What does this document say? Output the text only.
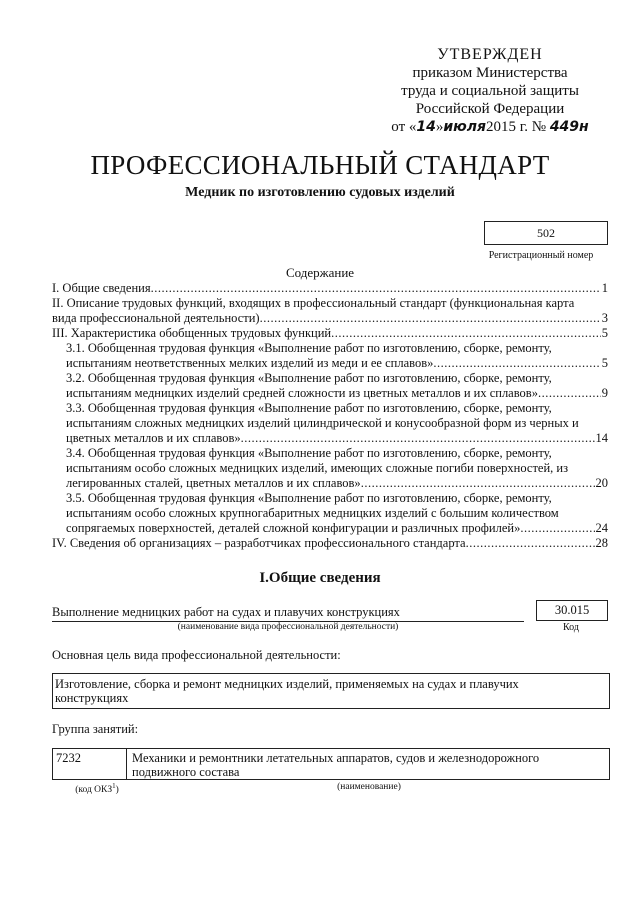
УТВЕРЖДЕН
приказом Министерства
труда и социальной защиты
Российской Федерации
от «14»июля2015 г. № 449н
ПРОФЕССИОНАЛЬНЫЙ СТАНДАРТ
Медник по изготовлению судовых изделий
502
Регистрационный номер
Содержание
I. Общие сведения .....	1
II. Описание трудовых функций, входящих в профессиональный стандарт (функциональная карта
вида профессиональной деятельности) .....	3
III. Характеристика обобщенных трудовых функций .....	5
3.1. Обобщенная трудовая функция «Выполнение работ по изготовлению, сборке, ремонту,
испытаниям неответственных мелких изделий из меди и ее сплавов» .....	5
3.2. Обобщенная трудовая функция «Выполнение работ по изготовлению, сборке, ремонту,
испытаниям медницких изделий средней сложности из цветных металлов и их сплавов» .....	9
3.3. Обобщенная трудовая функция «Выполнение работ по изготовлению, сборке, ремонту,
испытаниям сложных медницких изделий цилиндрической и конусообразной форм из черных и
цветных металлов и их сплавов» .....	14
3.4. Обобщенная трудовая функция «Выполнение работ по изготовлению, сборке, ремонту,
испытаниям особо сложных медницких изделий, имеющих сложные погиби поверхностей, из
легированных сталей, цветных металлов и их сплавов» .....	20
3.5. Обобщенная трудовая функция «Выполнение работ по изготовлению, сборке, ремонту,
испытаниям особо сложных крупногабаритных медницких изделий с большим количеством
сопрягаемых поверхностей, деталей сложной конфигурации и различных профилей» .....	24
IV. Сведения об организациях – разработчиках профессионального стандарта .....	28
I.Общие сведения
Выполнение медницких работ на судах и плавучих конструкциях
(наименование вида профессиональной деятельности)
30.015
Код
Основная цель вида профессиональной деятельности:
Изготовление, сборка и ремонт медницких изделий, применяемых на судах и плавучих
конструкциях
Группа занятий:
7232	Механики и ремонтники летательных аппаратов, судов и железнодорожного
подвижного состава
(код ОКЗ$^1$)	(наименование)
